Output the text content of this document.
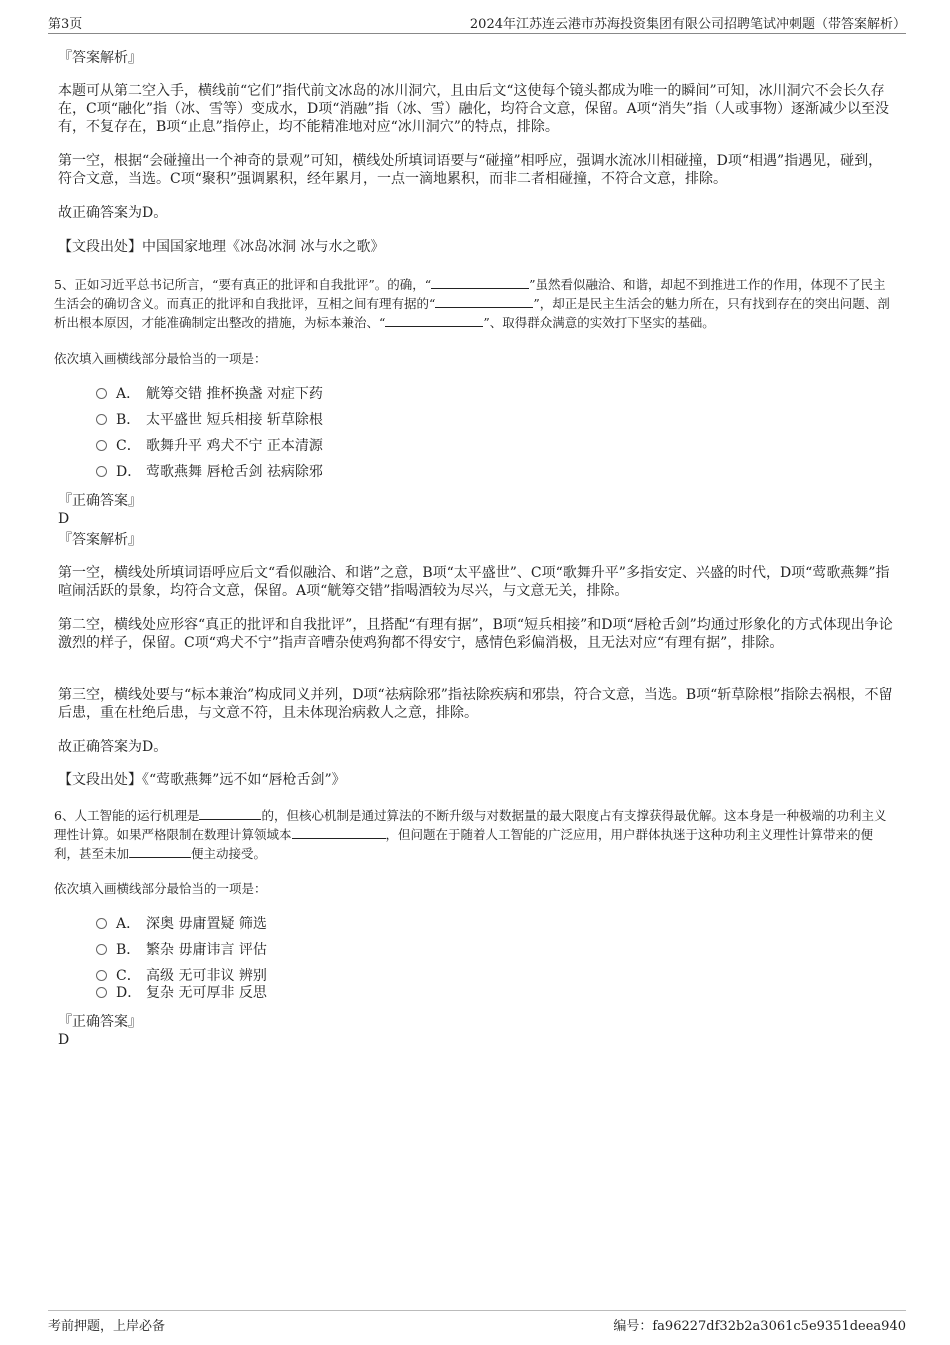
第3页	2024年江苏连云港市苏海投资集团有限公司招聘笔试冲刺题（带答案解析）
『答案解析』
本题可从第二空入手，横线前“它们”指代前文冰岛的冰川洞穴，且由后文“这使每个镜头都成为唯一的瞬间”可知，冰川洞穴不会长久存在，C项“融化”指（冰、雪等）变成水，D项“消融”指（冰、雪）融化，均符合文意，保留。A项“消失”指（人或事物）逐渐减少以至没有，不复存在，B项“止息”指停止，均不能精准地对应“冰川洞穴”的特点，排除。
第一空，根据“会碰撞出一个神奇的景观”可知，横线处所填词语要与“碰撞”相呼应，强调水流冰川相碰撞，D项“相遇”指遇见，碰到，符合文意，当选。C项“聚积”强调累积，经年累月，一点一滴地累积，而非二者相碰撞，不符合文意，排除。
故正确答案为D。
【文段出处】中国国家地理《冰岛冰洞 冰与水之歌》
5、正如习近平总书记所言，“要有真正的批评和自我批评”。的确，“	”虽然看似融洽、和谐，却起不到推进工作的作用，体现不了民主生活会的确切含义。而真正的批评和自我批评，互相之间有理有据的“	”，却正是民主生活会的魅力所在，只有找到存在的突出问题、剖析出根本原因，才能准确制定出整改的措施，为标本兼治、“	”、取得群众满意的实效打下坚实的基础。
依次填入画横线部分最恰当的一项是：
A． 觥筹交错 推杯换盏 对症下药
B． 太平盛世 短兵相接 斩草除根
C． 歌舞升平 鸡犬不宁 正本清源
D． 莺歌燕舞 唇枪舌剑 祛病除邪
『正确答案』
D
『答案解析』
第一空，横线处所填词语呼应后文“看似融洽、和谐”之意，B项“太平盛世”、C项“歌舞升平”多指安定、兴盛的时代，D项“莺歌燕舞”指喧闹活跃的景象，均符合文意，保留。A项“觥筹交错”指喝酒较为尽兴，与文意无关，排除。
第二空，横线处应形容“真正的批评和自我批评”，且搭配“有理有据”，B项“短兵相接”和D项“唇枪舌剑”均通过形象化的方式体现出争论激烈的样子，保留。C项“鸡犬不宁”指声音嘈杂使鸡狗都不得安宁，感情色彩偏消极，且无法对应“有理有据”，排除。
第三空，横线处要与“标本兼治”构成同义并列，D项“祛病除邪”指祛除疾病和邪祟，符合文意，当选。B项“斩草除根”指除去祸根，不留后患，重在杜绝后患，与文意不符，且未体现治病救人之意，排除。
故正确答案为D。
【文段出处】《“莺歌燕舞”远不如“唇枪舌剑”》
6、人工智能的运行机理是	的，但核心机制是通过算法的不断升级与对数据量的最大限度占有支撑获得最优解。这本身是一种极端的功利主义理性计算。如果严格限制在数理计算领域本	，但问题在于随着人工智能的广泛应用，用户群体执迷于这种功利主义理性计算带来的便利，甚至未加	便主动接受。
依次填入画横线部分最恰当的一项是：
A． 深奥 毋庸置疑 筛选
B． 繁杂 毋庸讳言 评估
C． 高级 无可非议 辨别
D． 复杂 无可厚非 反思
『正确答案』
D
考前押题，上岸必备	编号：fa96227df32b2a3061c5e9351deea940
